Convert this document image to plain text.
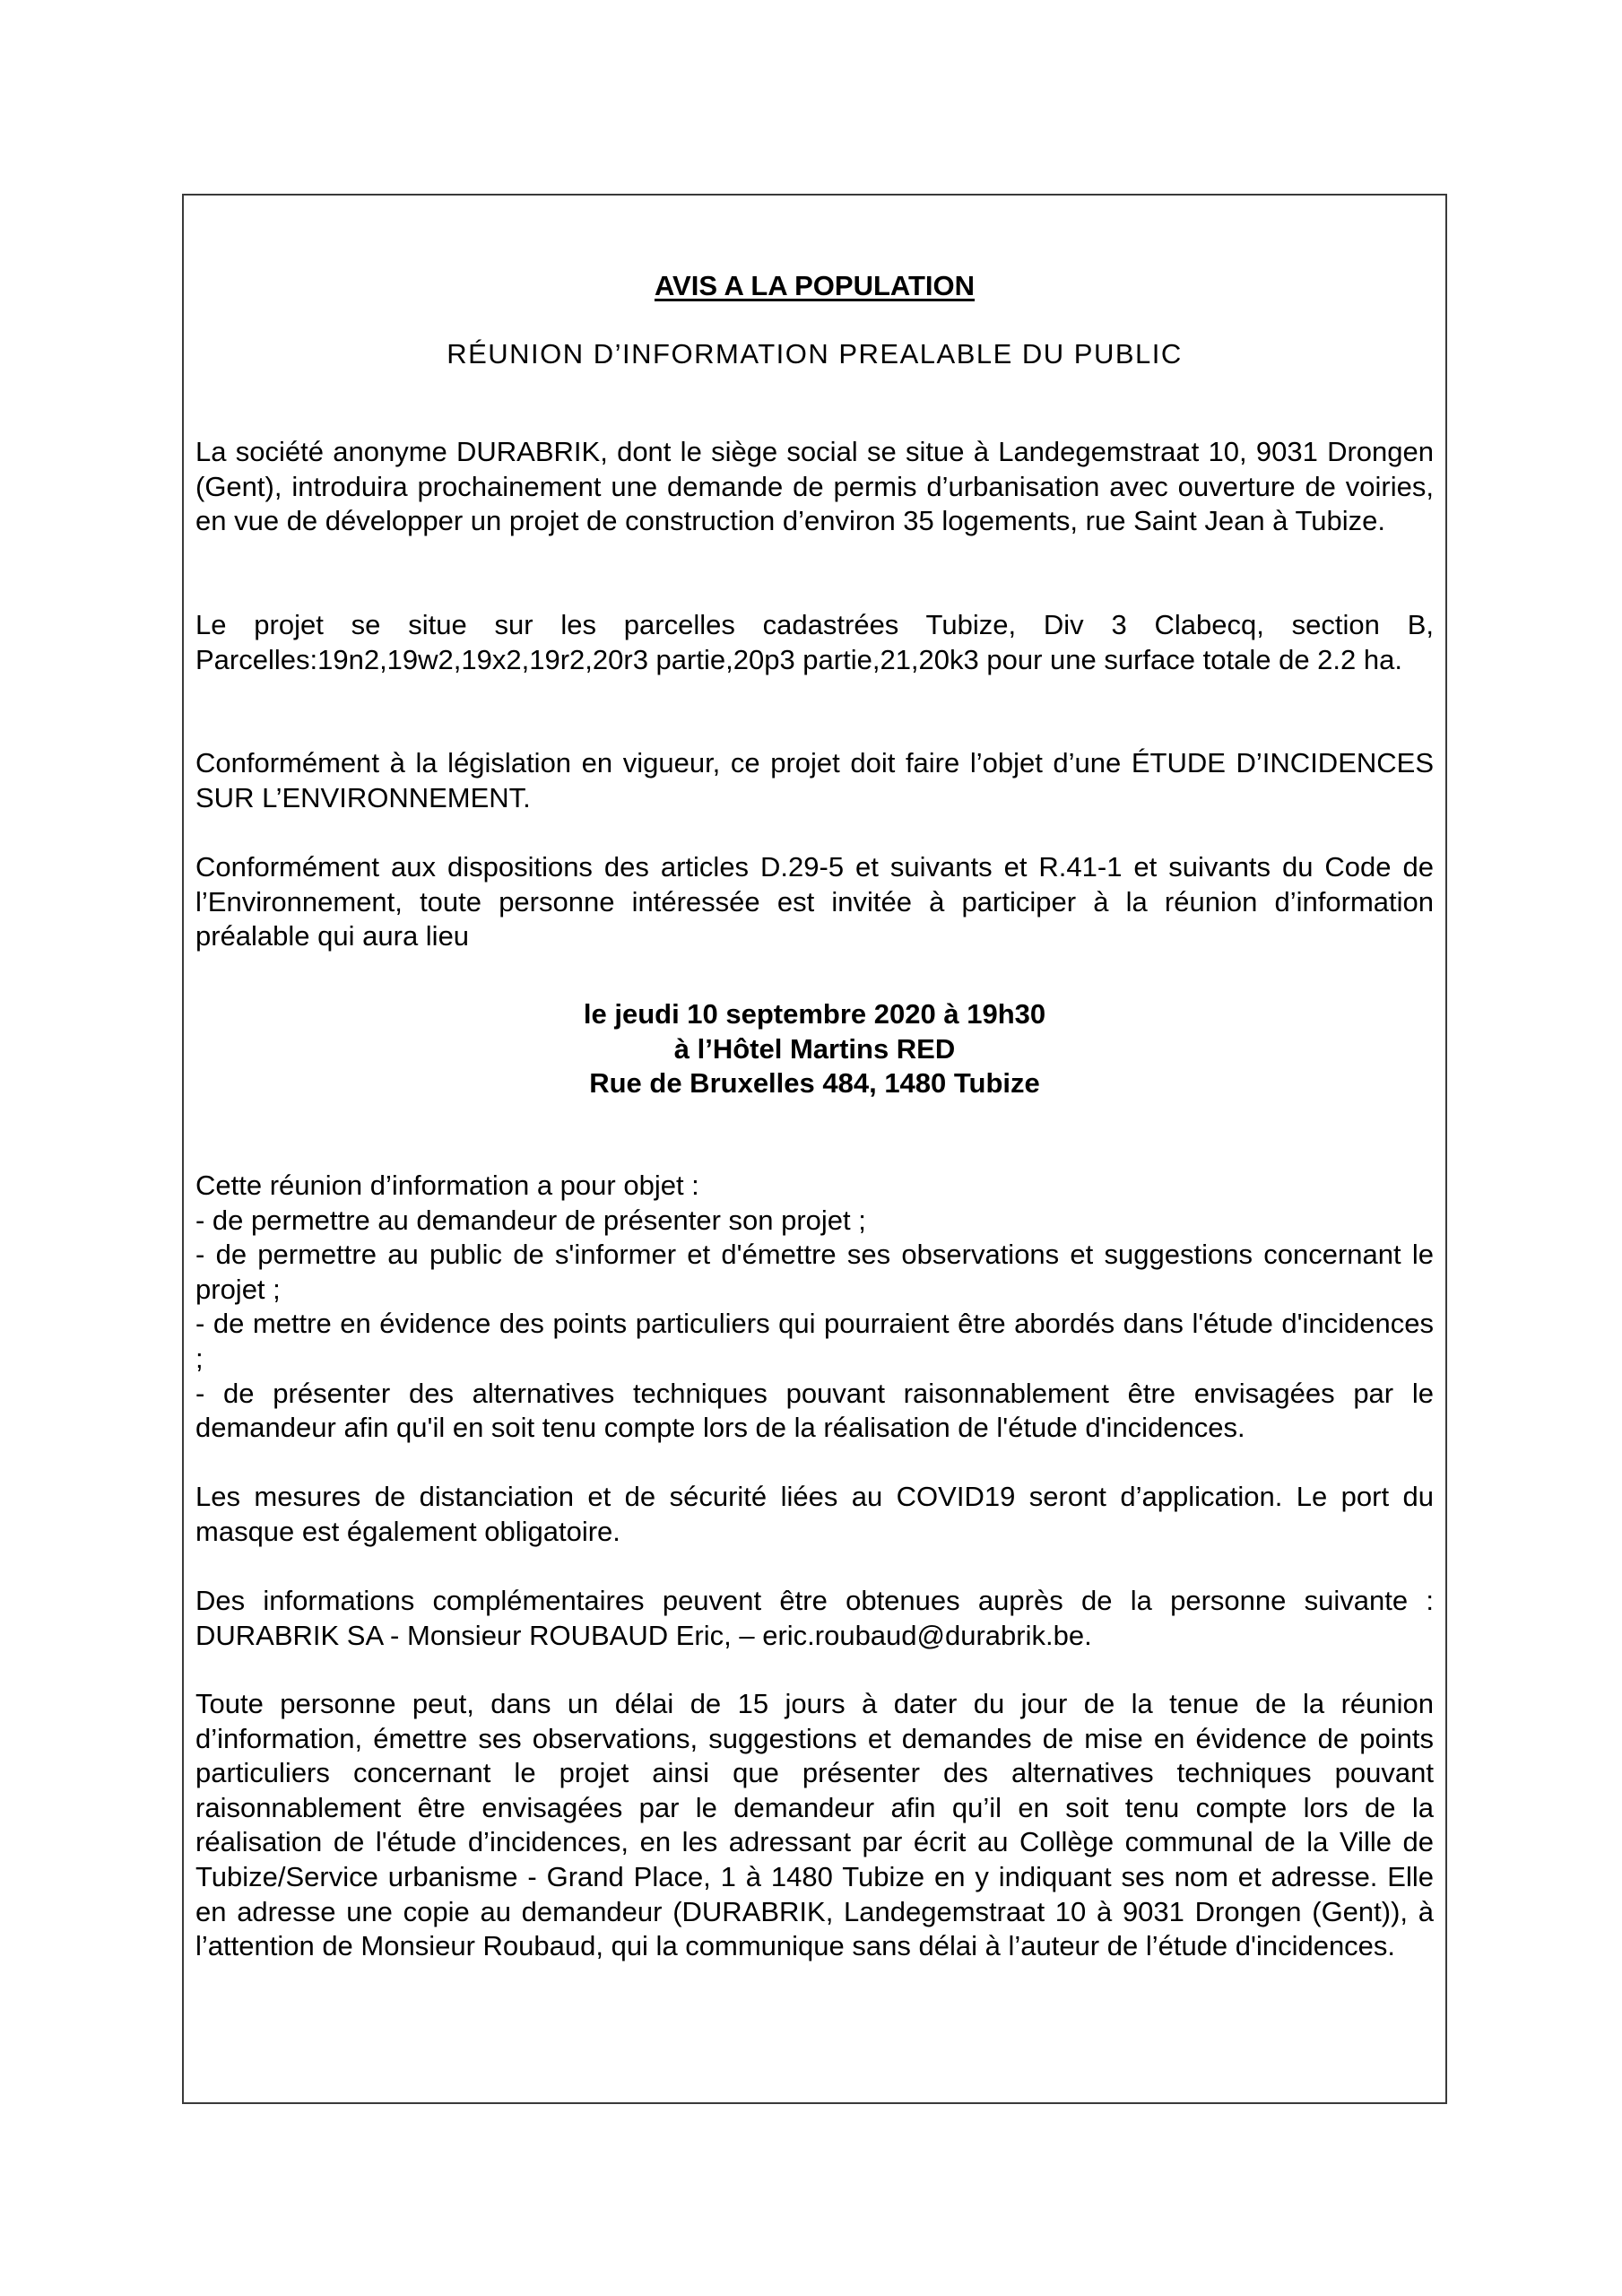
AVIS A LA POPULATION
RÉUNION D’INFORMATION PREALABLE DU PUBLIC

La société anonyme DURABRIK, dont le siège social se situe à Landegemstraat 10, 9031 Drongen (Gent), introduira prochainement une demande de permis d’urbanisation avec ouverture de voiries, en vue de développer un projet de construction d’environ 35 logements, rue Saint Jean à Tubize.

Le projet se situe sur les parcelles cadastrées Tubize, Div 3 Clabecq, section B, Parcelles:19n2,19w2,19x2,19r2,20r3 partie,20p3 partie,21,20k3 pour une surface totale de 2.2 ha.

Conformément à la législation en vigueur, ce projet doit faire l’objet d’une ÉTUDE D’INCIDENCES SUR L’ENVIRONNEMENT.

Conformément aux dispositions des articles D.29-5 et suivants et R.41-1 et suivants du Code de l’Environnement, toute personne intéressée est invitée à participer à la réunion d’information préalable qui aura lieu

le jeudi 10 septembre 2020 à 19h30
à l’Hôtel Martins RED
Rue de Bruxelles 484, 1480 Tubize
Cette réunion d’information a pour objet :
- de permettre au demandeur de présenter son projet ;
- de permettre au public de s'informer et d'émettre ses observations et suggestions concernant le projet ;
- de mettre en évidence des points particuliers qui pourraient être abordés dans l'étude d'incidences ;
- de présenter des alternatives techniques pouvant raisonnablement être envisagées par le demandeur afin qu'il en soit tenu compte lors de la réalisation de l'étude d'incidences.

Les mesures de distanciation et de sécurité liées au COVID19 seront d’application. Le port du masque est également obligatoire.

Des informations complémentaires peuvent être obtenues auprès de la personne suivante : DURABRIK SA - Monsieur ROUBAUD Eric, – eric.roubaud@durabrik.be.

Toute personne peut, dans un délai de 15 jours à dater du jour de la tenue de la réunion d’information, émettre ses observations, suggestions et demandes de mise en évidence de points particuliers concernant le projet ainsi que présenter des alternatives techniques pouvant raisonnablement être envisagées par le demandeur afin qu’il en soit tenu compte lors de la réalisation de l'étude d’incidences, en les adressant par écrit au Collège communal de la Ville de Tubize/Service urbanisme - Grand Place, 1 à 1480 Tubize en y indiquant ses nom et adresse. Elle en adresse une copie au demandeur (DURABRIK, Landegemstraat 10 à 9031 Drongen (Gent)), à l’attention de Monsieur Roubaud, qui la communique sans délai à l’auteur de l’étude d'incidences.
